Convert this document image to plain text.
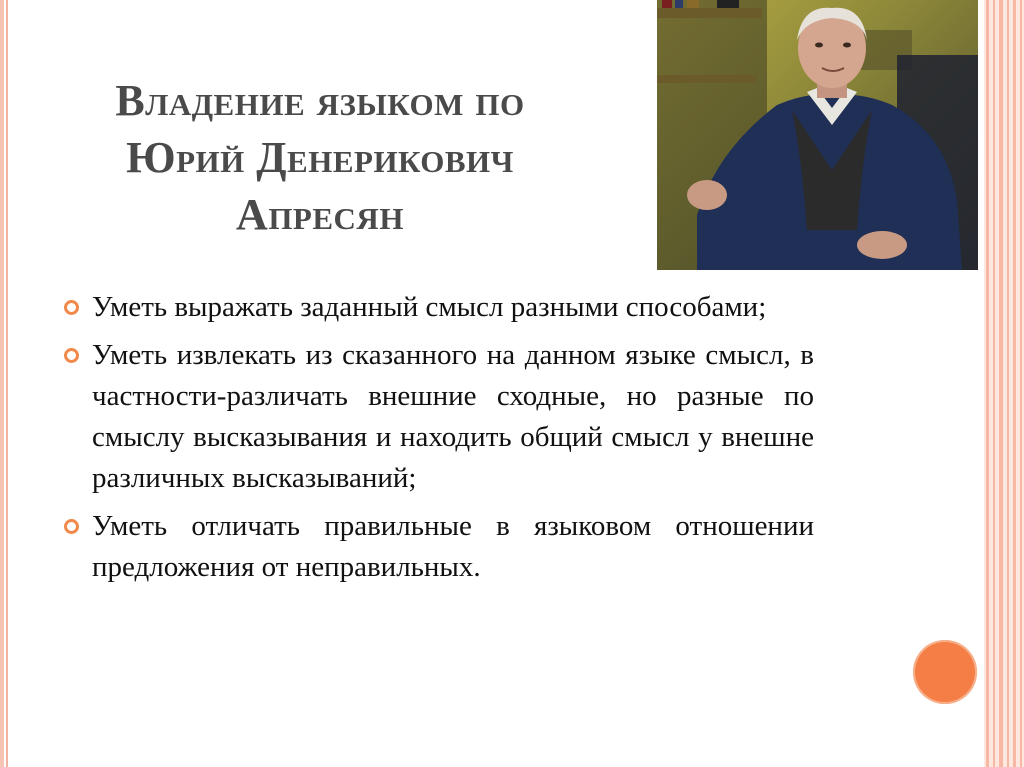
Владение языком по
Юрий Денерикович
Апресян
Уметь выражать заданный смысл разными способами;
Уметь извлекать из сказанного на данном языке смысл, в частности-различать внешние сходные, но разные по смыслу высказывания и находить общий смысл у внешне различных высказываний;
Уметь отличать правильные в языковом отношении предложения от неправильных.
